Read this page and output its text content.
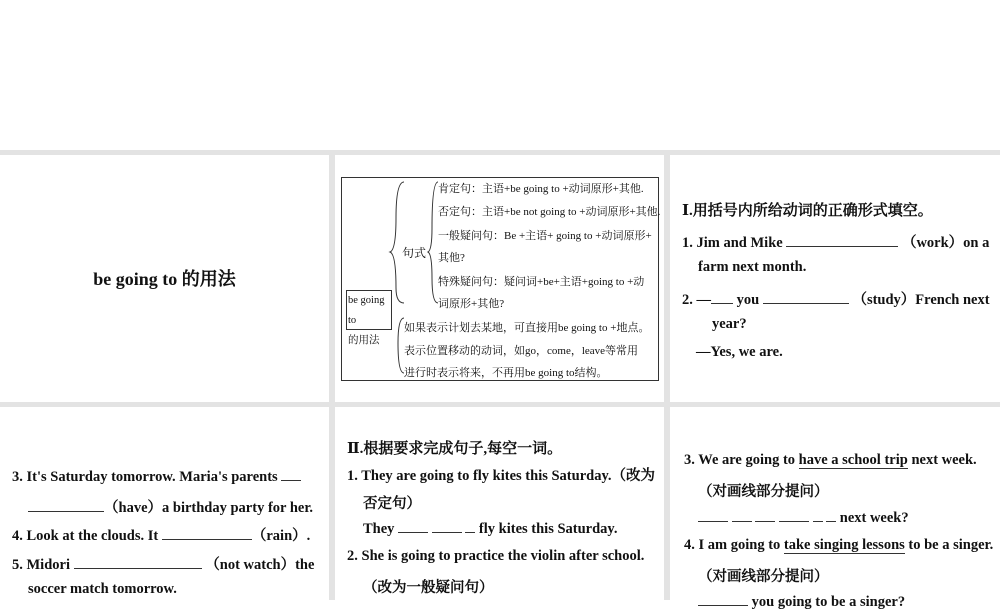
be going to 的用法
be going to
的用法
句式
肯定句：主语+be going to +动词原形+其他.
否定句：主语+be not going to +动词原形+其他.
一般疑问句：Be +主语+ going to +动词原形+
其他?
特殊疑问句：疑问词+be+主语+going to +动
词原形+其他?
如果表示计划去某地，可直接用be going to +地点。
表示位置移动的动词，如go，come，leave等常用
进行时表示将来，不再用be going to结构。
Ⅰ.用括号内所给动词的正确形式填空。
1. Jim and Mike	（work）on a
farm next month.
2. — you	（study）French next
year?
—Yes, we are.
3. It's Saturday tomorrow. Maria's parents
（have）a birthday party for her.
4. Look at the clouds. It	（rain）.
5. Midori	（not watch）the
soccer match tomorrow.
Ⅱ.根据要求完成句子,每空一词。
1. They are going to fly kites this Saturday.（改为
否定句）
They	fly kites this Saturday.
2. She is going to practice the violin after school.
（改为一般疑问句）
3. We are going to have a school trip next week.
（对画线部分提问）
next week?
4. I am going to take singing lessons to be a singer.
（对画线部分提问）
you going to be a singer?
